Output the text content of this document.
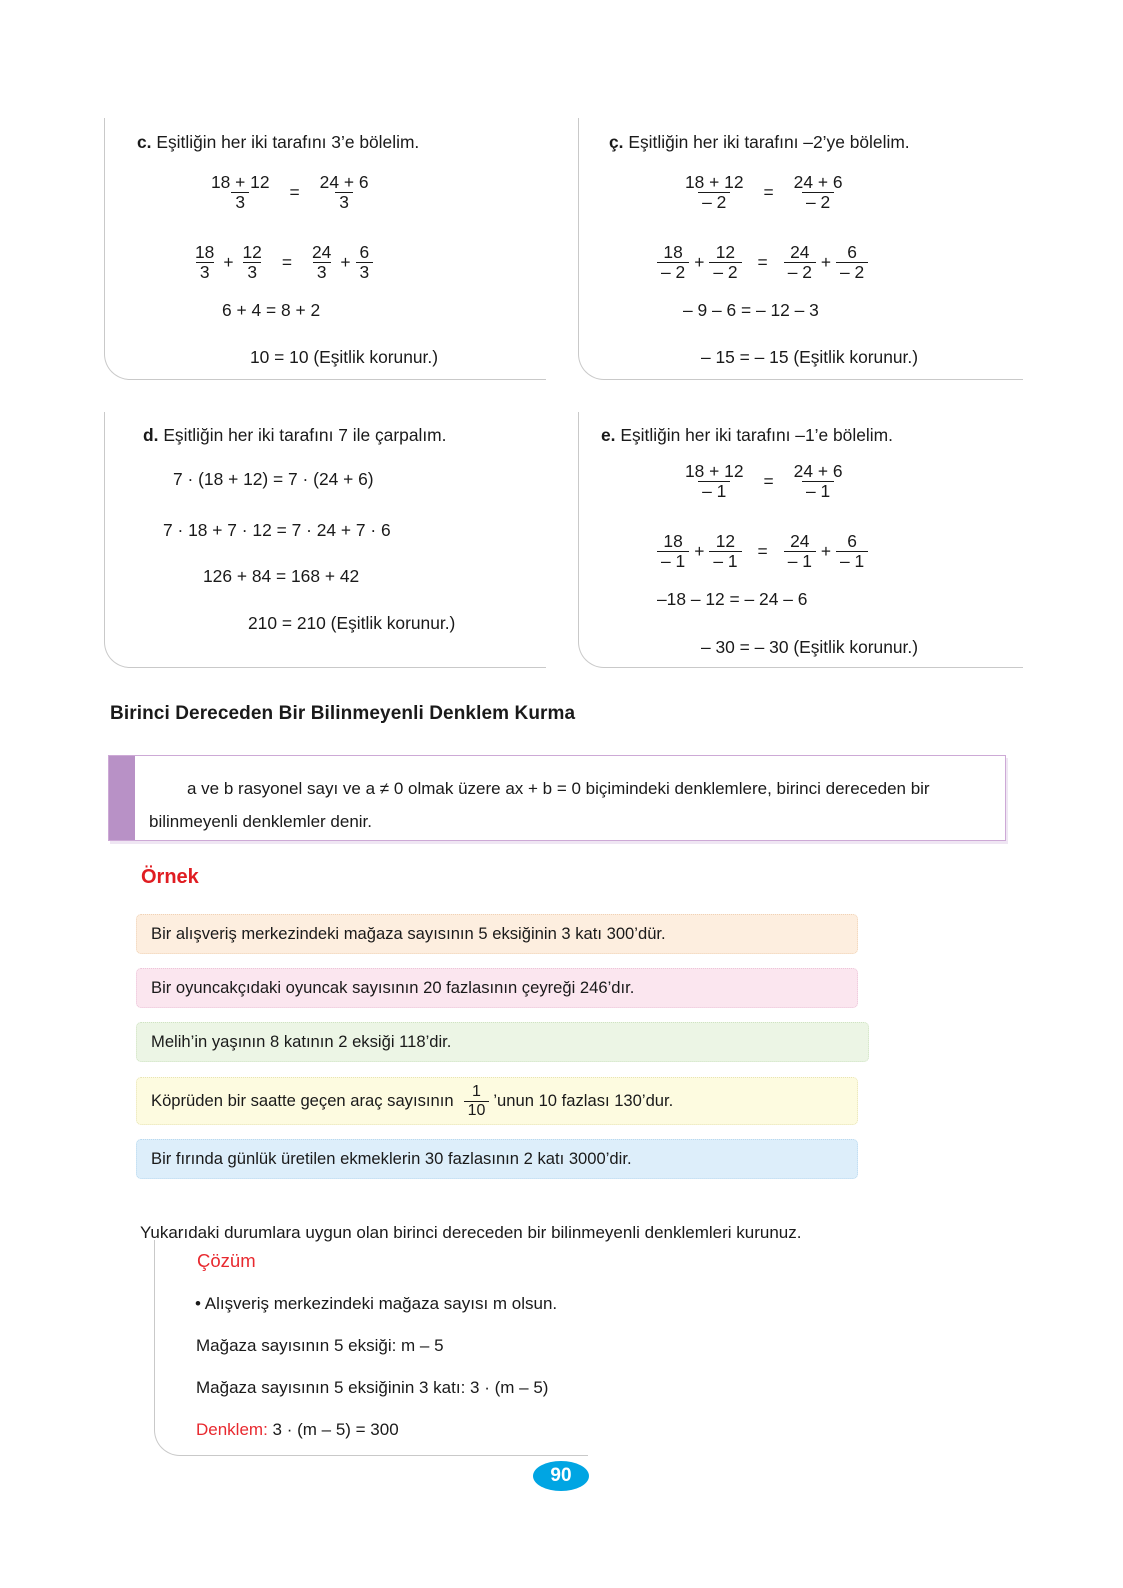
c. Eşitliğin her iki tarafını 3’e bölelim.
$\frac{18 + 12}{3} = \frac{24 + 6}{3}$
$\frac{18}{3} + \frac{12}{3} = \frac{24}{3} + \frac{6}{3}$
6 + 4 = 8 + 2
10 = 10 (Eşitlik korunur.)
ç. Eşitliğin her iki tarafını –2’ye bölelim.
$\frac{18 + 12}{- 2} = \frac{24 + 6}{- 2}$
$\frac{18}{- 2} + \frac{12}{- 2} = \frac{24}{- 2} + \frac{6}{- 2}$
– 9 – 6 = – 12 – 3
– 15 = – 15 (Eşitlik korunur.)
d. Eşitliğin her iki tarafını 7 ile çarpalım.
7 · (18 + 12) = 7 · (24 + 6)
7 · 18 + 7 · 12 = 7 · 24 + 7 · 6
126 + 84 = 168 + 42
210 = 210 (Eşitlik korunur.)
e. Eşitliğin her iki tarafını –1’e bölelim.
$\frac{18 + 12}{- 1} = \frac{24 + 6}{- 1}$
$\frac{18}{- 1} + \frac{12}{- 1} = \frac{24}{- 1} + \frac{6}{- 1}$
–18 – 12 = – 24 – 6
– 30 = – 30 (Eşitlik korunur.)
Birinci Dereceden Bir Bilinmeyenli Denklem Kurma
a ve b rasyonel sayı ve a ≠ 0 olmak üzere ax + b = 0 biçimindeki denklemlere, birinci dereceden bir bilinmeyenli denklemler denir.
Örnek
Bir alışveriş merkezindeki mağaza sayısının 5 eksiğinin 3 katı 300’dür.
Bir oyuncakçıdaki oyuncak sayısının 20 fazlasının çeyreği 246’dır.
Melih’in yaşının 8 katının 2 eksiği 118’dir.
Köprüden bir saatte geçen araç sayısının $\frac{1}{10}$ ’unun 10 fazlası 130’dur.
Bir fırında günlük üretilen ekmeklerin 30 fazlasının 2 katı 3000’dir.
Yukarıdaki durumlara uygun olan birinci dereceden bir bilinmeyenli denklemleri kurunuz.
Çözüm
• Alışveriş merkezindeki mağaza sayısı m olsun.
Mağaza sayısının 5 eksiği: m – 5
Mağaza sayısının 5 eksiğinin 3 katı: 3 · (m – 5)
Denklem: 3 · (m – 5) = 300
90
